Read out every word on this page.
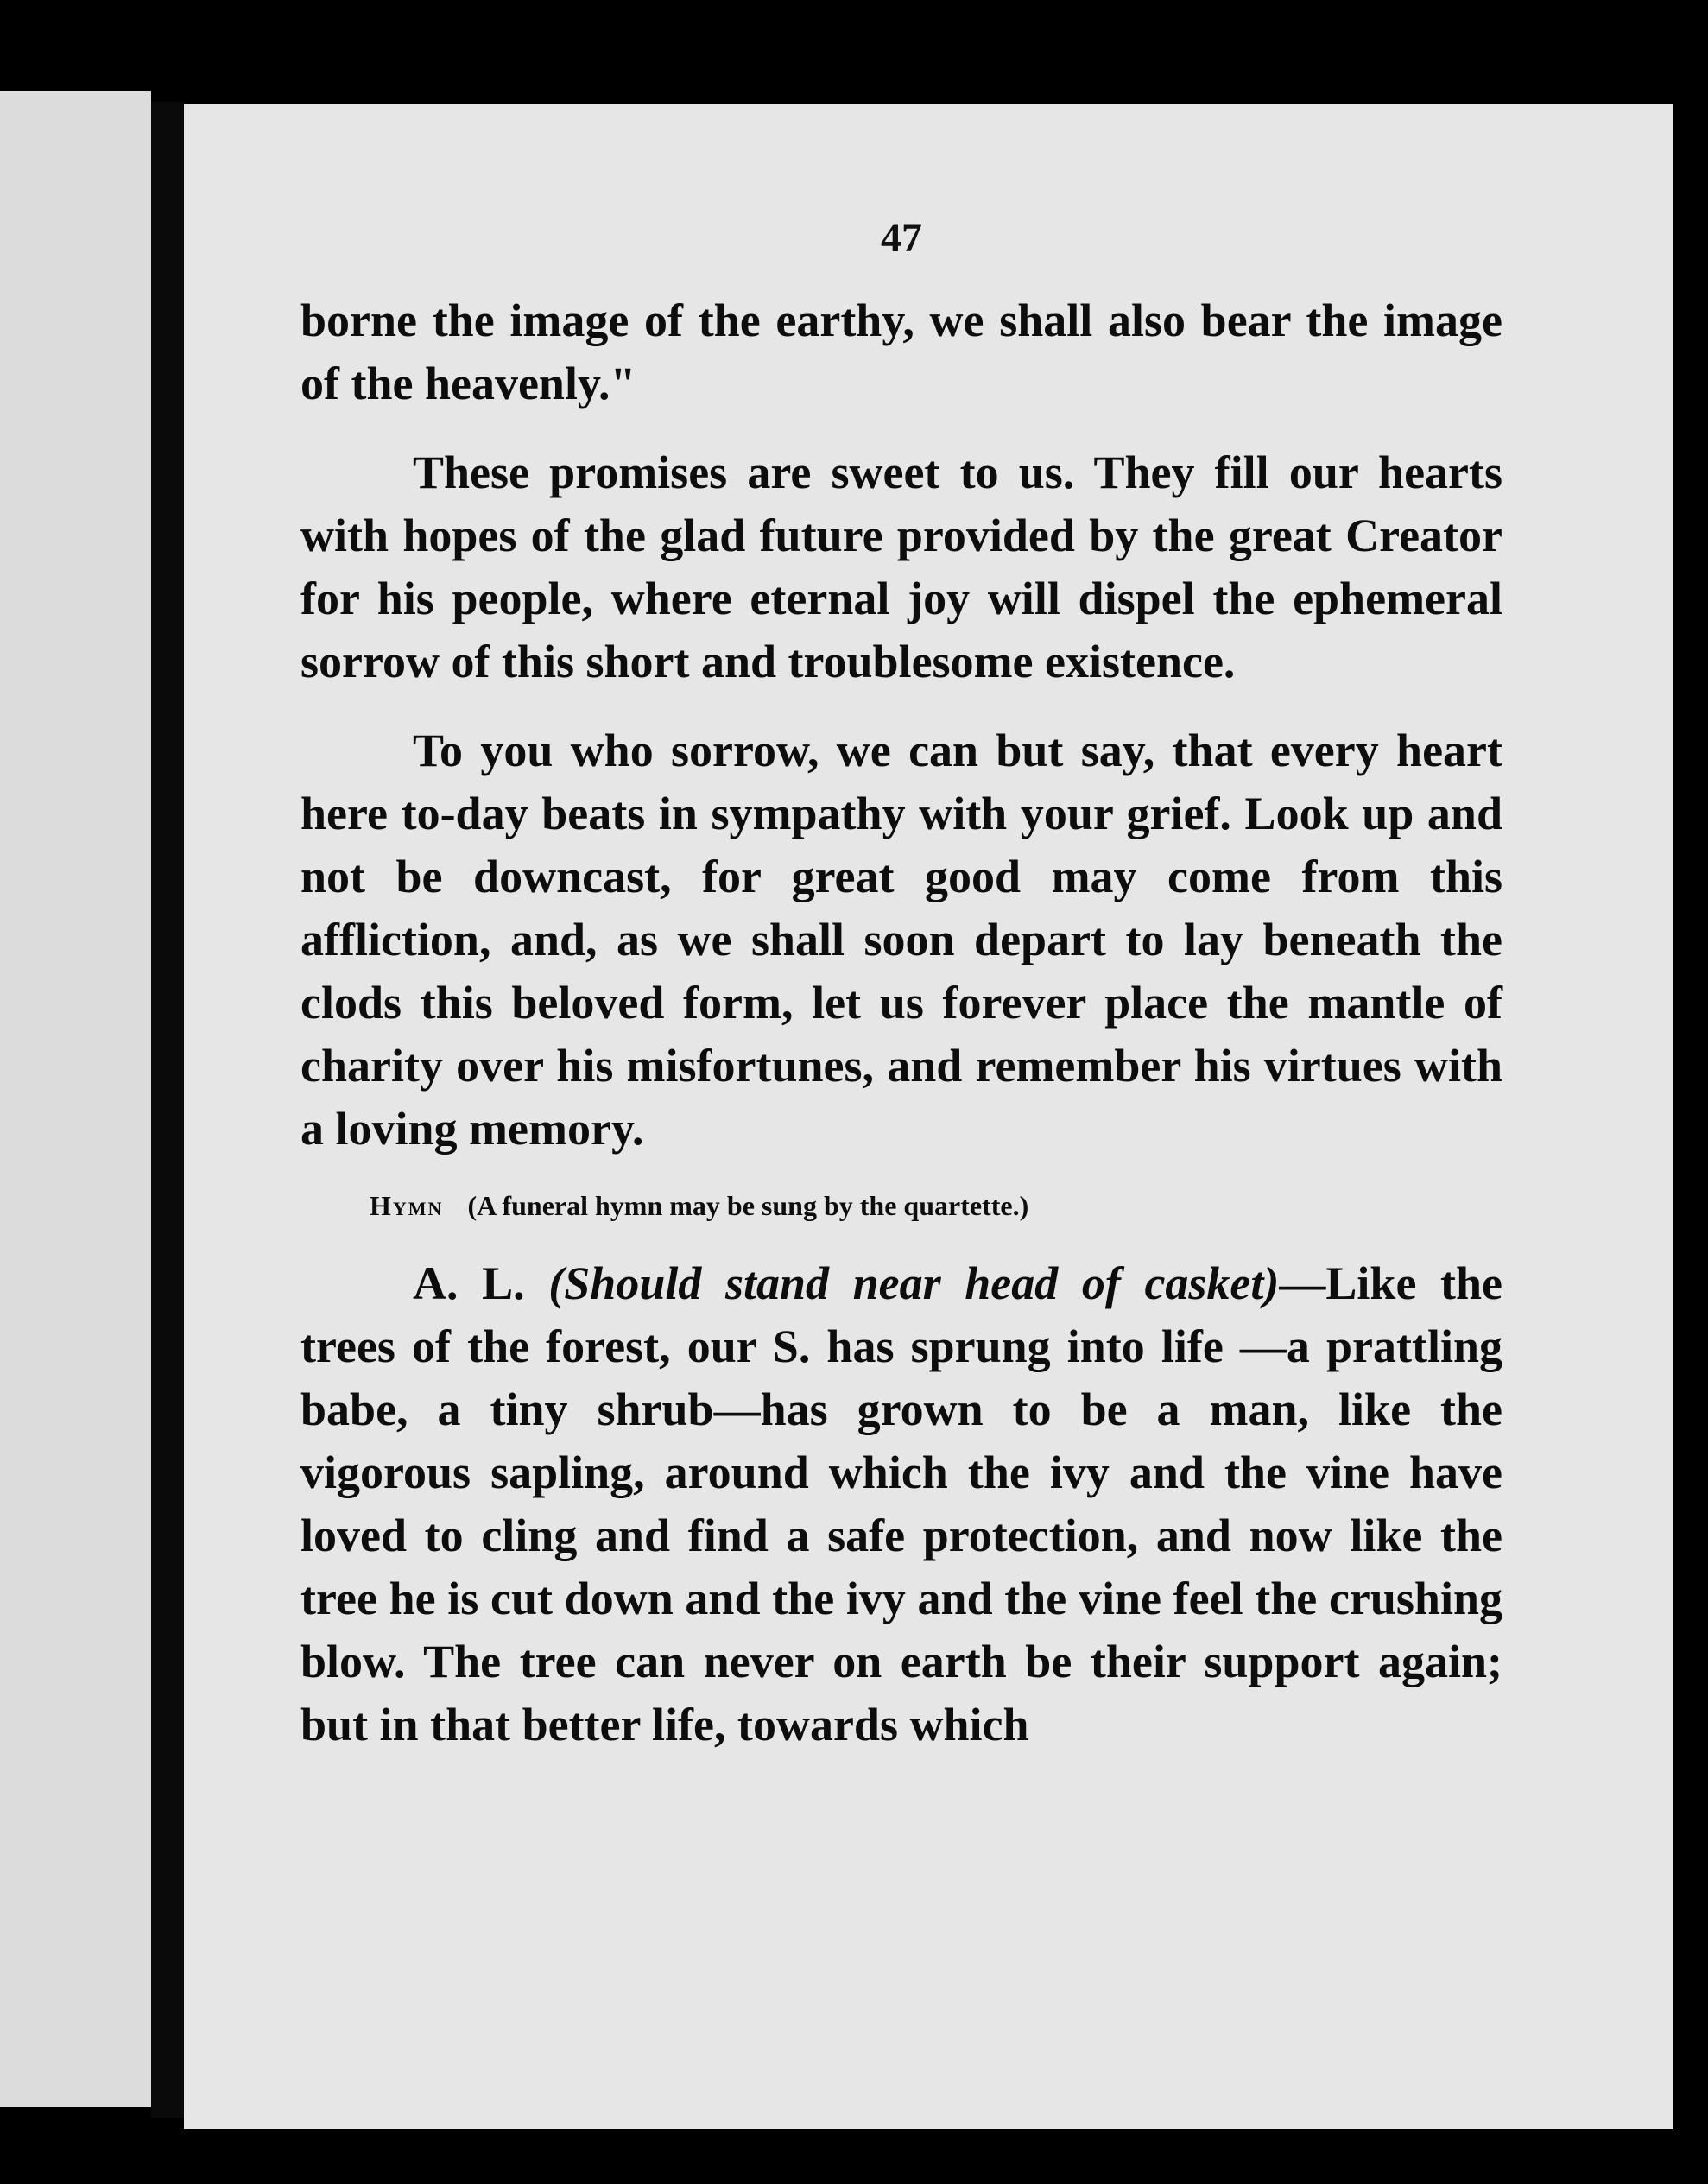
47

borne the image of the earthy, we shall also bear the image of the heavenly."

These promises are sweet to us. They fill our hearts with hopes of the glad future provided by the great Creator for his people, where eternal joy will dispel the ephemeral sorrow of this short and troublesome existence.

To you who sorrow, we can but say, that every heart here to-day beats in sympathy with your grief. Look up and not be downcast, for great good may come from this affliction, and, as we shall soon depart to lay beneath the clods this beloved form, let us forever place the mantle of charity over his misfortunes, and remember his virtues with a loving memory.

Hymn (A funeral hymn may be sung by the quartette.)

A. L. (Should stand near head of casket)—Like the trees of the forest, our S. has sprung into life —a prattling babe, a tiny shrub—has grown to be a man, like the vigorous sapling, around which the ivy and the vine have loved to cling and find a safe protection, and now like the tree he is cut down and the ivy and the vine feel the crushing blow. The tree can never on earth be their support again; but in that better life, towards which
